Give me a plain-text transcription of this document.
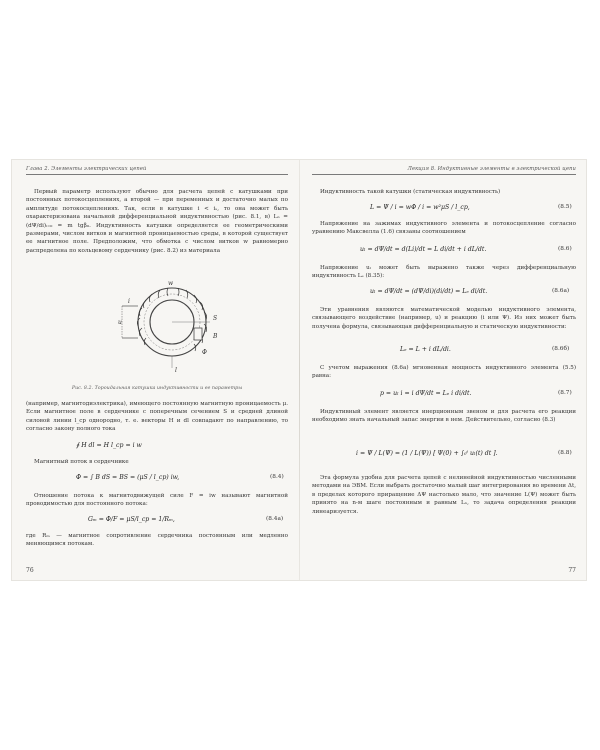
Глава 2. Элементы электрических цепей
Первый параметр используют обычно для расчета цепей с катушками при постоянных потокосцеплениях, а второй — при переменных и достаточно малых по амплитуде потокосцеплениях. Так, если в катушке i < iₛ, то она может быть охарактеризована начальной дифференциальной индуктивностью (рис. 8.1, в) Lₙ = (dΨ/di)ᵢ₌₀ = m tgβ₀. Индуктивность катушки определяется ее геометрическими размерами, числом витков и магнитной проницаемостью среды, в которой существует ее магнитное поле. Предположим, что обмотка с числом витков w равномерно распределена по кольцевому сердечнику (рис. 8.2) из материала
u
i
S
B
w
l
Φ
Рис. 8.2. Тороидальная катушка индуктивности и ее параметры
(например, магнитодиэлектрика), имеющего постоянную магнитную проницаемость μ. Если магнитное поле в сердечнике с поперечным сечением S и средней длиной силовой линии l_ср однородно, т. е. векторы H и dl совпадают по направлению, то согласно закону полного тока
∮ H dl = H l_ср = i w
Магнитный поток в сердечнике
Φ = ∫ B dS = BS = (μS / l_ср) iw,	(8.4)
Отношение потока к магнитодвижущей силе F = iw называют магнитной проводимостью для постоянного потока:
Gₘ = Φ/F = μS/l_ср = 1/Rₘ,	(8.4а)
где Rₘ — магнитное сопротивление сердечника постоянным или медленно меняющимся потокам.
76
Лекция 8. Индуктивные элементы в электрической цепи
Индуктивность такой катушки (статическая индуктивность)
L = Ψ / i = wΦ / i = w²μS / l_ср,	(8.5)
Напряжение на зажимах индуктивного элемента и потокосцепление согласно уравнению Максвелла (1.6) связаны соотношением
uₗ = dΨ/dt = d(Li)/dt = L di/dt + i dL/dt.	(8.6)
Напряжение uₗ может быть выражено также через дифференциальную индуктивность Lₑ (8.35):
uₗ = dΨ/dt = (dΨ/di)(di/dt) = Lₑ di/dt.	(8.6а)
Эти уравнения являются математической моделью индуктивного элемента, связывающего воздействие (например, u) и реакцию (i или Ψ). Из них может быть получена формула, связывающая дифференциальную и статическую индуктивности:
Lₑ = L + i dL/di.	(8.6б)
С учетом выражения (8.6а) мгновенная мощность индуктивного элемента (5.5) равна:
p = uₗ i = i dΨ/dt = Lₑ i di/dt.	(8.7)
Индуктивный элемент является инерционным звеном и для расчета его реакции необходимо знать начальный запас энергии в нем. Действительно, согласно (8.3)
i = Ψ / L(Ψ) = (1 / L(Ψ)) [ Ψ(0) + ∫₀ᵗ uₗ(t) dt ].	(8.8)
Эта формула удобна для расчета цепей с нелинейной индуктивностью численными методами на ЭВМ. Если выбрать достаточно малый шаг интегрирования во времени Δt, в пределах которого приращение ΔΨ настолько мало, что значение L(Ψ) может быть принято на n-м шаге постоянным и равным Lₙ, то задача определения реакции линеаризуется.
77
